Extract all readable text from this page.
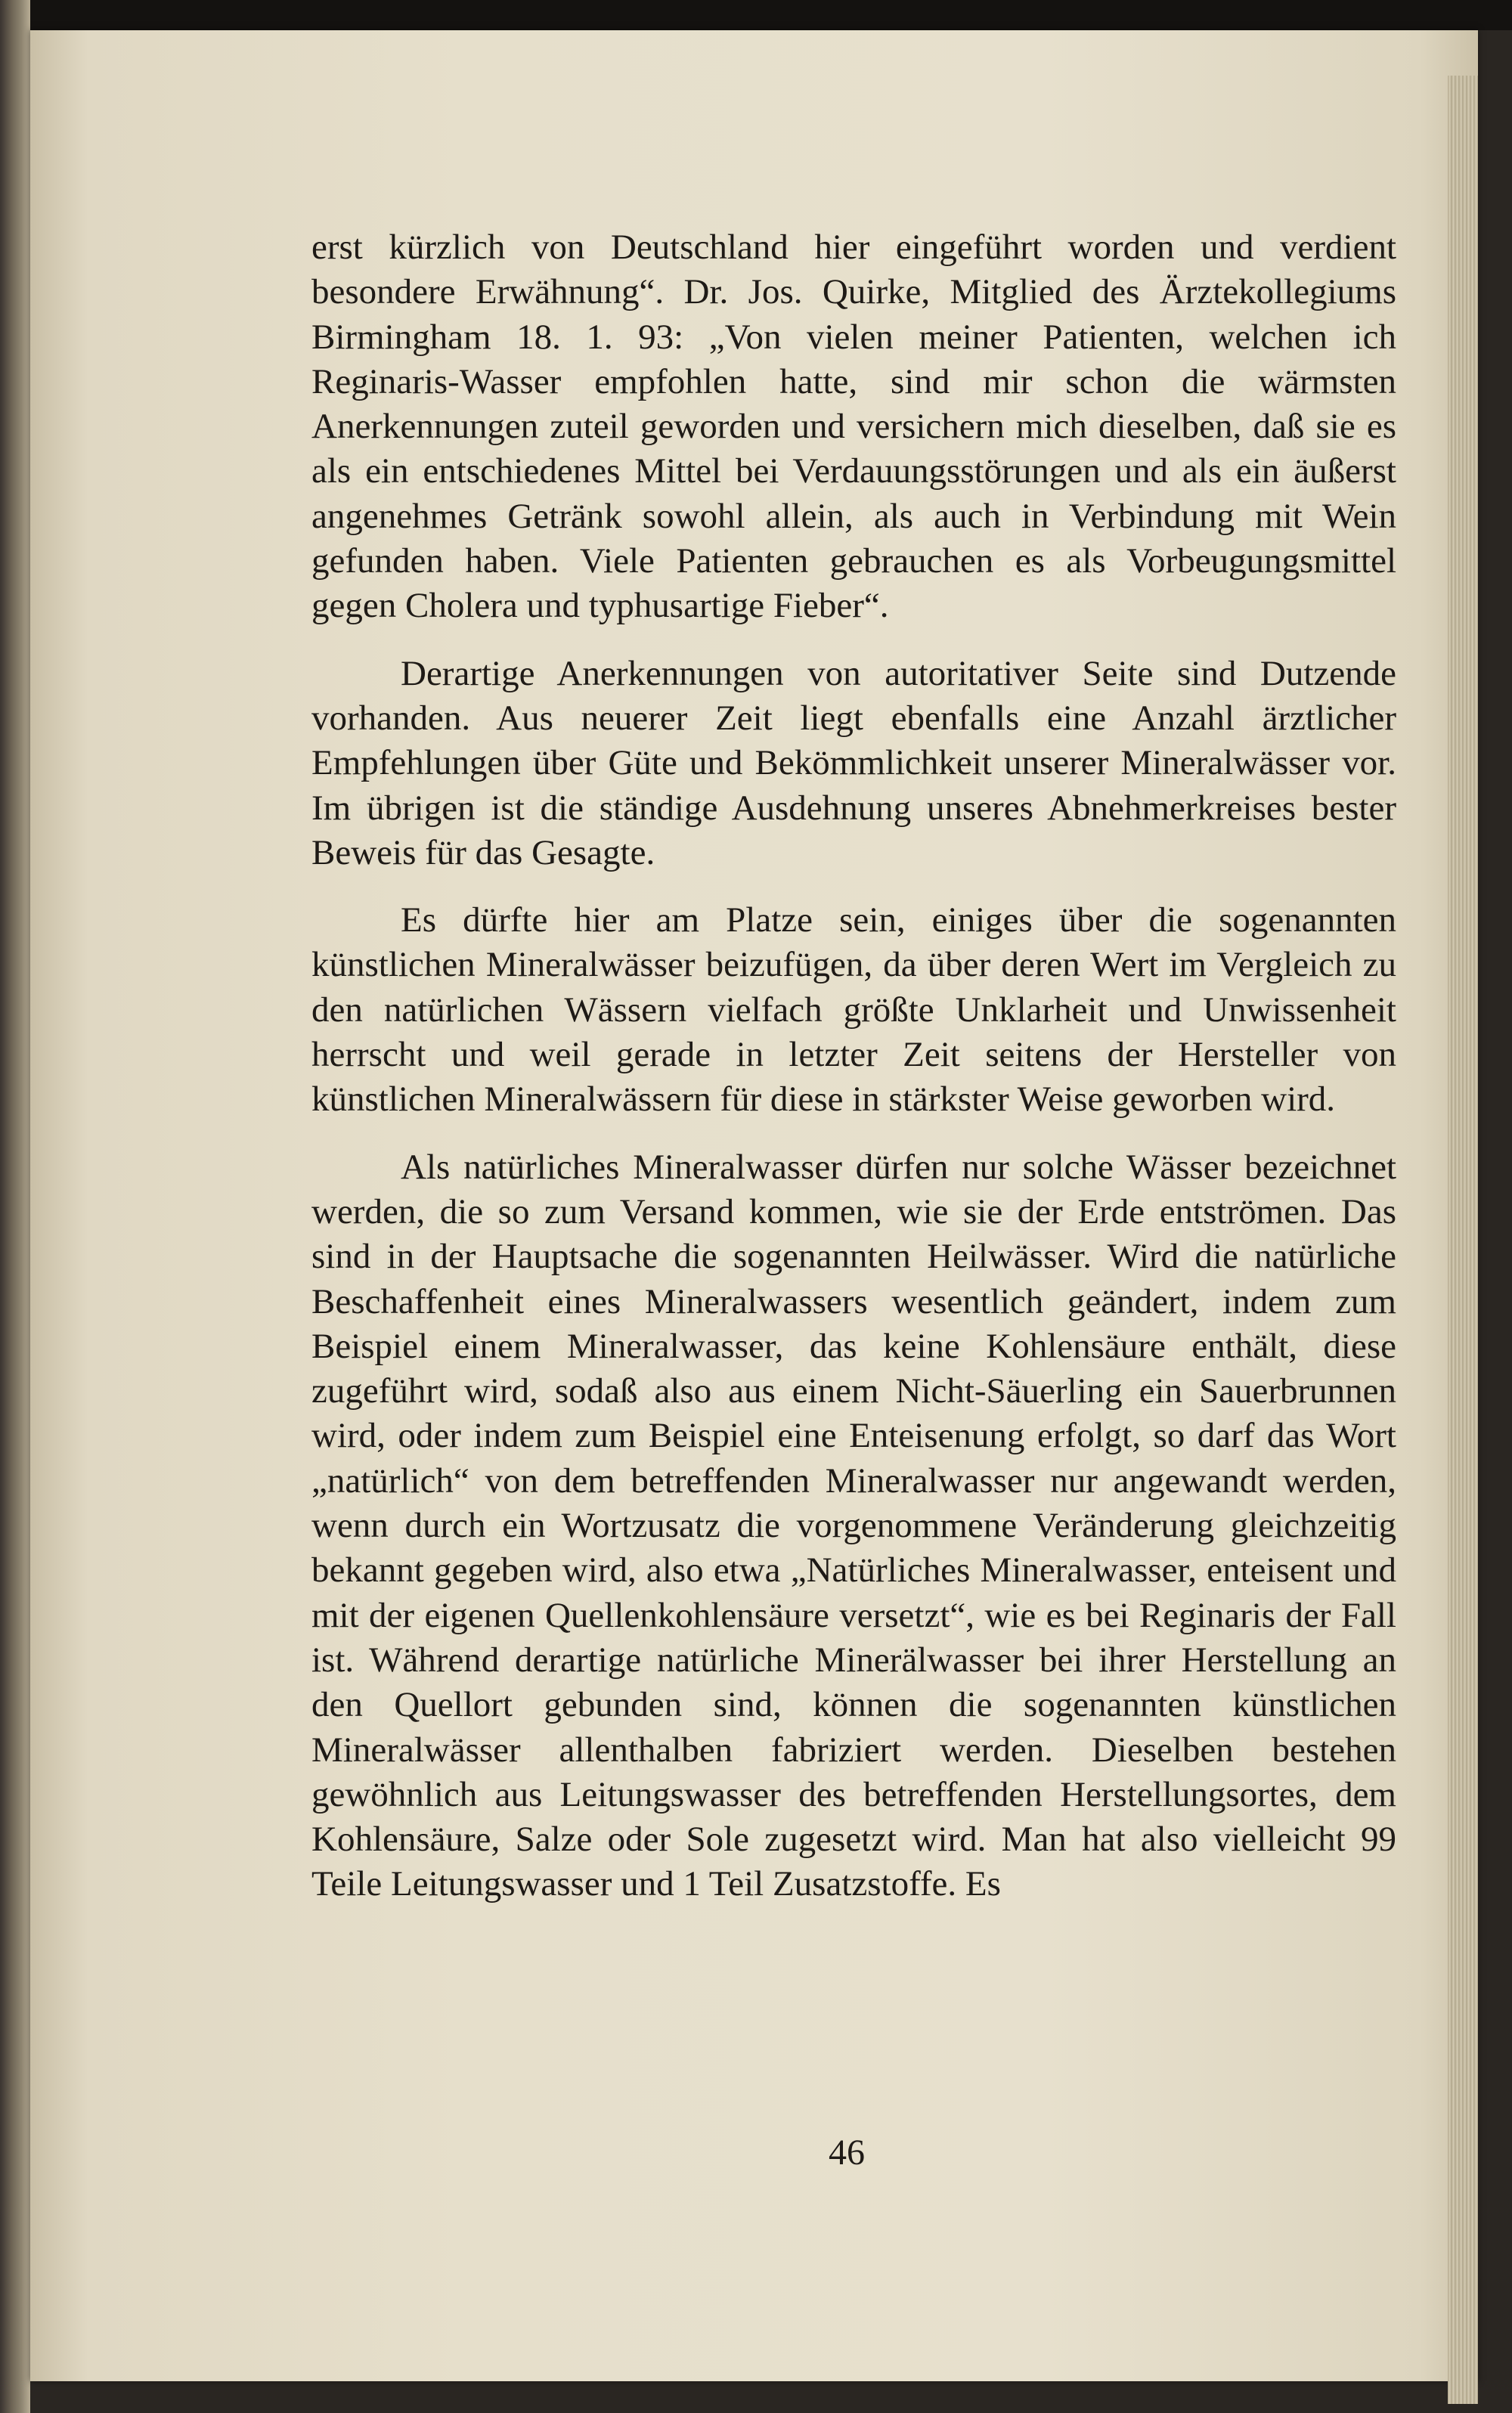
erst kürzlich von Deutschland hier eingeführt worden und verdient besondere Erwähnung“. Dr. Jos. Quirke, Mitglied des Ärztekollegiums Birmingham 18. 1. 93: „Von vielen meiner Patienten, welchen ich Reginaris-Wasser empfohlen hatte, sind mir schon die wärmsten Anerkennungen zuteil geworden und versichern mich dieselben, daß sie es als ein entschiedenes Mittel bei Verdauungsstörungen und als ein äußerst angenehmes Getränk sowohl allein, als auch in Verbindung mit Wein gefunden haben. Viele Patienten gebrauchen es als Vorbeugungsmittel gegen Cholera und typhusartige Fieber“.

Derartige Anerkennungen von autoritativer Seite sind Dutzende vorhanden. Aus neuerer Zeit liegt ebenfalls eine Anzahl ärztlicher Empfehlungen über Güte und Bekömmlichkeit unserer Mineralwässer vor. Im übrigen ist die ständige Ausdehnung unseres Abnehmerkreises bester Beweis für das Gesagte.

Es dürfte hier am Platze sein, einiges über die sogenannten künstlichen Mineralwässer beizufügen, da über deren Wert im Vergleich zu den natürlichen Wässern vielfach größte Unklarheit und Unwissenheit herrscht und weil gerade in letzter Zeit seitens der Hersteller von künstlichen Mineralwässern für diese in stärkster Weise geworben wird.

Als natürliches Mineralwasser dürfen nur solche Wässer bezeichnet werden, die so zum Versand kommen, wie sie der Erde entströmen. Das sind in der Hauptsache die sogenannten Heilwässer. Wird die natürliche Beschaffenheit eines Mineralwassers wesentlich geändert, indem zum Beispiel einem Mineralwasser, das keine Kohlensäure enthält, diese zugeführt wird, sodaß also aus einem Nicht-Säuerling ein Sauerbrunnen wird, oder indem zum Beispiel eine Enteisenung erfolgt, so darf das Wort „natürlich“ von dem betreffenden Mineralwasser nur angewandt werden, wenn durch ein Wortzusatz die vorgenommene Veränderung gleichzeitig bekannt gegeben wird, also etwa „Natürliches Mineralwasser, enteisent und mit der eigenen Quellenkohlensäure versetzt“, wie es bei Reginaris der Fall ist. Während derartige natürliche Minerälwasser bei ihrer Herstellung an den Quellort gebunden sind, können die sogenannten künstlichen Mineralwässer allenthalben fabriziert werden. Dieselben bestehen gewöhnlich aus Leitungswasser des betreffenden Herstellungsortes, dem Kohlensäure, Salze oder Sole zugesetzt wird. Man hat also vielleicht 99 Teile Leitungswasser und 1 Teil Zusatzstoffe. Es

46
